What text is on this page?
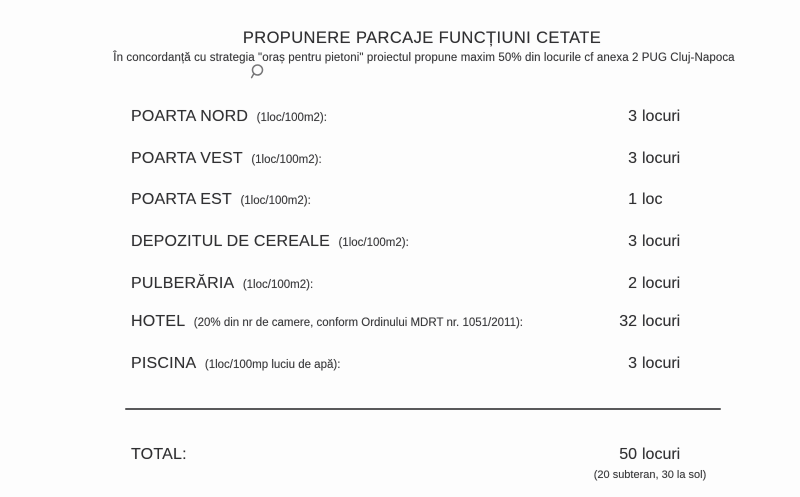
PROPUNERE PARCAJE FUNCȚIUNI CETATE
În concordanță cu strategia "oraș pentru pietoni" proiectul propune maxim 50% din locurile cf anexa 2 PUG Cluj-Napoca
POARTA NORD (1loc/100m2):	3 locuri
POARTA VEST (1loc/100m2):	3 locuri
POARTA EST (1loc/100m2):	1 loc
DEPOZITUL DE CEREALE (1loc/100m2):	3 locuri
PULBERĂRIA (1loc/100m2):	2 locuri
HOTEL (20% din nr de camere, conform Ordinului MDRT nr. 1051/2011):	32 locuri
PISCINA (1loc/100mp luciu de apă):	3 locuri
TOTAL:	50 locuri
(20 subteran, 30 la sol)
